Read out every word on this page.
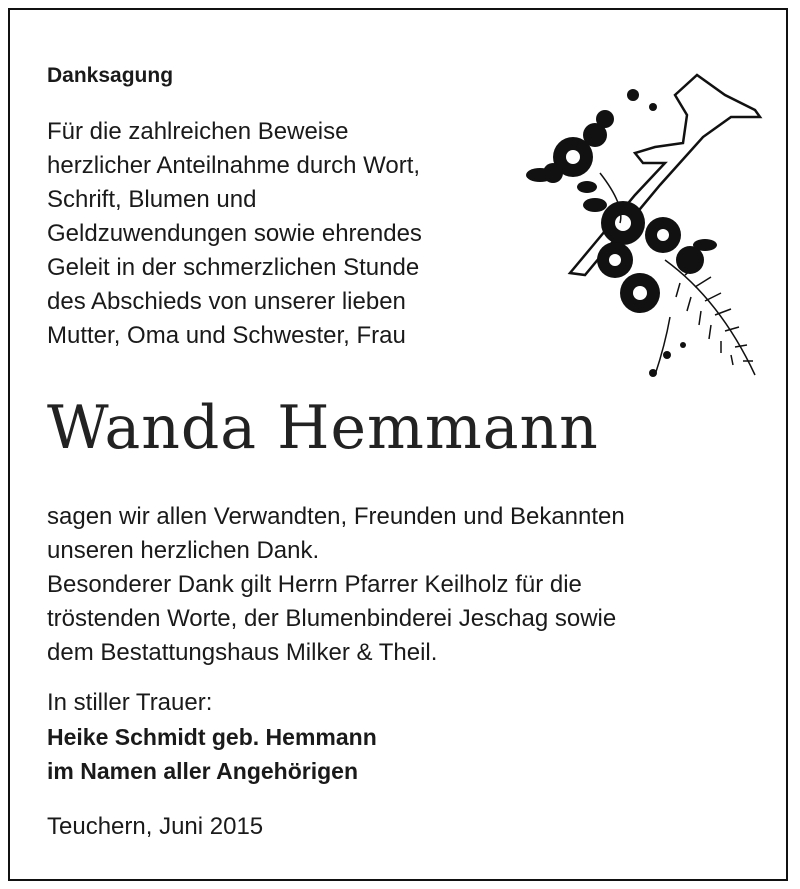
Danksagung
Für die zahlreichen Beweise
herzlicher Anteilnahme durch Wort,
Schrift, Blumen und
Geldzuwendungen sowie ehrendes
Geleit in der schmerzlichen Stunde
des Abschieds von unserer lieben
Mutter, Oma und Schwester, Frau
Wanda Hemmann
sagen wir allen Verwandten, Freunden und Bekannten
unseren herzlichen Dank.
Besonderer Dank gilt Herrn Pfarrer Keilholz für die
tröstenden Worte, der Blumenbinderei Jeschag sowie
dem Bestattungshaus Milker & Theil.
In stiller Trauer:
Heike Schmidt geb. Hemmann
im Namen aller Angehörigen
Teuchern, Juni 2015
